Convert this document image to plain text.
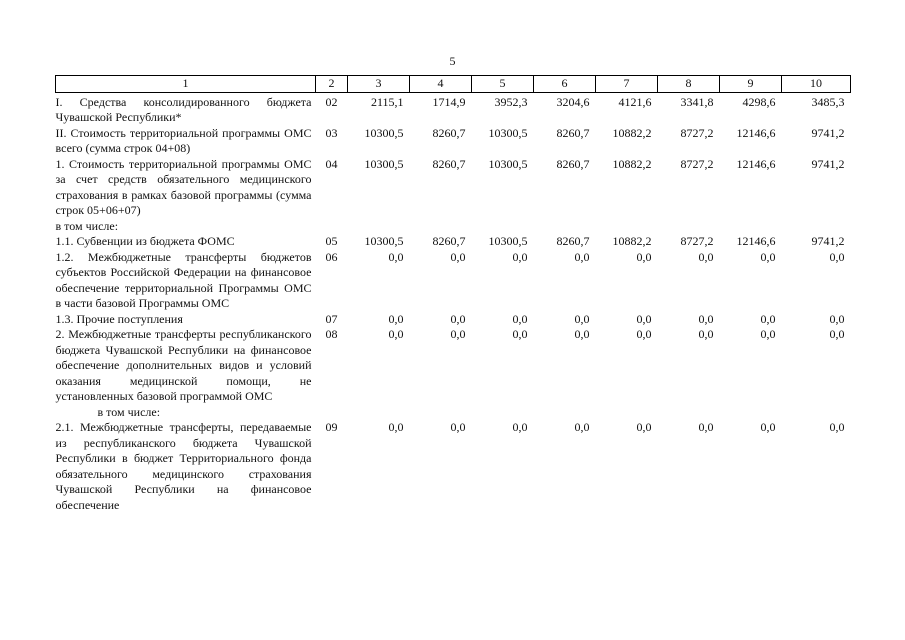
5
1	2	3	4	5	6	7	8	9	10
I. Средства консолидированного бюджета Чувашской Республики*	02	2115,1	1714,9	3952,3	3204,6	4121,6	3341,8	4298,6	3485,3
II. Стоимость территориальной программы ОМС всего (сумма строк 04+08)	03	10300,5	8260,7	10300,5	8260,7	10882,2	8727,2	12146,6	9741,2
1. Стоимость территориальной программы ОМС за счет средств обязательного медицинского страхования в рамках базовой программы (сумма строк 05+06+07)	04	10300,5	8260,7	10300,5	8260,7	10882,2	8727,2	12146,6	9741,2
в том числе:									
1.1. Субвенции из бюджета ФОМС	05	10300,5	8260,7	10300,5	8260,7	10882,2	8727,2	12146,6	9741,2
1.2. Межбюджетные трансферты бюджетов субъектов Российской Федерации на финансовое обеспечение территориальной Программы ОМС в части базовой Программы ОМС	06	0,0	0,0	0,0	0,0	0,0	0,0	0,0	0,0
1.3. Прочие поступления	07	0,0	0,0	0,0	0,0	0,0	0,0	0,0	0,0
2. Межбюджетные трансферты республиканского бюджета Чувашской Республики на финансовое обеспечение дополнительных видов и условий оказания медицинской помощи, не установленных базовой программой ОМС	08	0,0	0,0	0,0	0,0	0,0	0,0	0,0	0,0
в том числе:									
2.1. Межбюджетные трансферты, передаваемые из республиканского бюджета Чувашской Республики в бюджет Территориального фонда обязательного медицинского страхования Чувашской Республики на финансовое обеспечение	09	0,0	0,0	0,0	0,0	0,0	0,0	0,0	0,0
